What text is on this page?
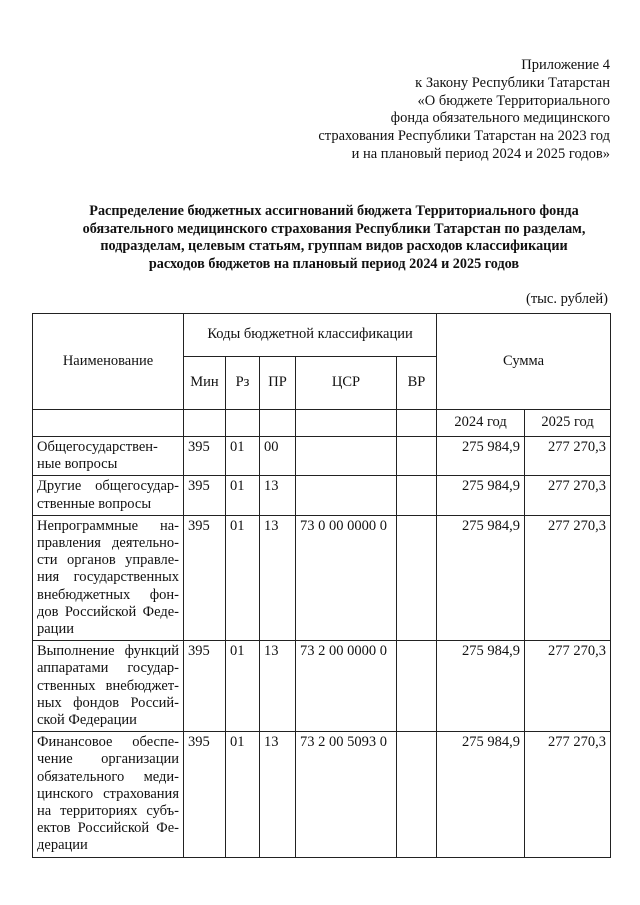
Приложение 4
к Закону Республики Татарстан
«О бюджете Территориального
фонда обязательного медицинского
страхования Республики Татарстан на 2023 год
и на плановый период 2024 и 2025 годов»
Распределение бюджетных ассигнований бюджета Территориального фонда
обязательного медицинского страхования Республики Татарстан по разделам,
подразделам, целевым статьям, группам видов расходов классификации
расходов бюджетов на плановый период 2024 и 2025 годов
(тыс. рублей)
Наименование	Коды бюджетной классификации					Сумма	
	Мин	Рз	ПР	ЦСР	ВР		
						2024 год	2025 год
Общегосударствен-ные вопросы	395	01	00			275 984,9	277 270,3
Другие общегосудар-ственные вопросы	395	01	13			275 984,9	277 270,3
Непрограммные на-правления деятельно-сти органов управле-ния государственных внебюджетных фон-дов Российской Феде-рации	395	01	13	73 0 00 0000 0		275 984,9	277 270,3
Выполнение функций аппаратами государ-ственных внебюджет-ных фондов Россий-ской Федерации	395	01	13	73 2 00 0000 0		275 984,9	277 270,3
Финансовое обеспе-чение организации обязательного меди-цинского страхования на территориях субъ-ектов Российской Фе-дерации	395	01	13	73 2 00 5093 0		275 984,9	277 270,3
